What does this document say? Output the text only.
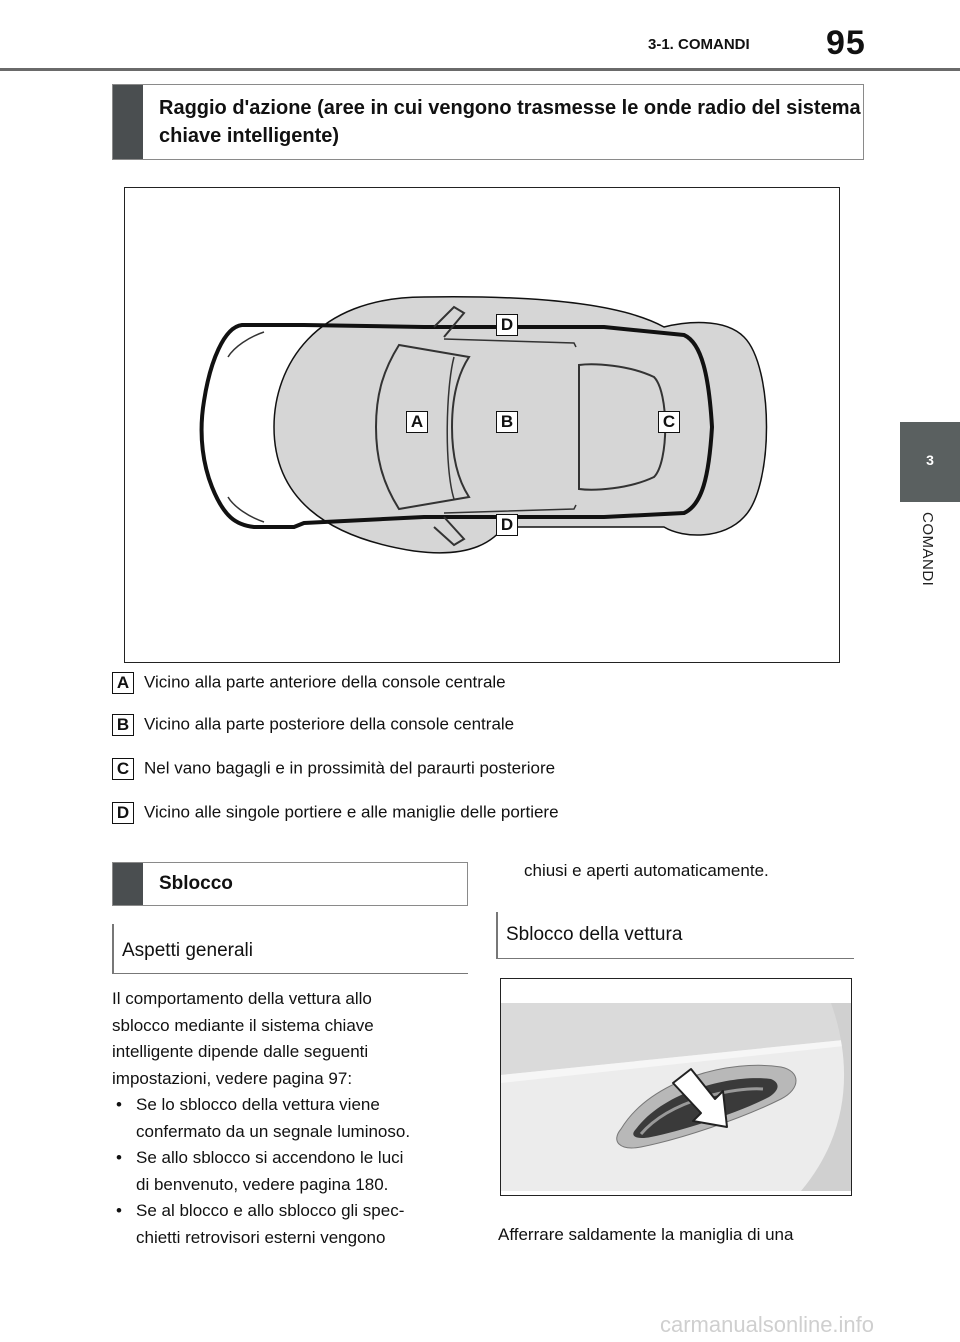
3-1. COMANDI 95
3
COMANDI
Raggio d'azione (aree in cui vengono trasmesse le onde radio del sistema chiave intelligente)
D
A	B	C
D
A Vicino alla parte anteriore della console centrale
B Vicino alla parte posteriore della console centrale
C Nel vano bagagli e in prossimità del paraurti posteriore
D Vicino alle singole portiere e alle maniglie delle portiere
Sblocco
Aspetti generali
Il comportamento della vettura allo
sblocco mediante il sistema chiave
intelligente dipende dalle seguenti
impostazioni, vedere pagina 97:
• Se lo sblocco della vettura viene
confermato da un segnale luminoso.
• Se allo sblocco si accendono le luci
di benvenuto, vedere pagina 180.
• Se al blocco e allo sblocco gli spec-
chietti retrovisori esterni vengono
chiusi e aperti automaticamente.
Sblocco della vettura
Afferrare saldamente la maniglia di una
carmanualsonline.info
